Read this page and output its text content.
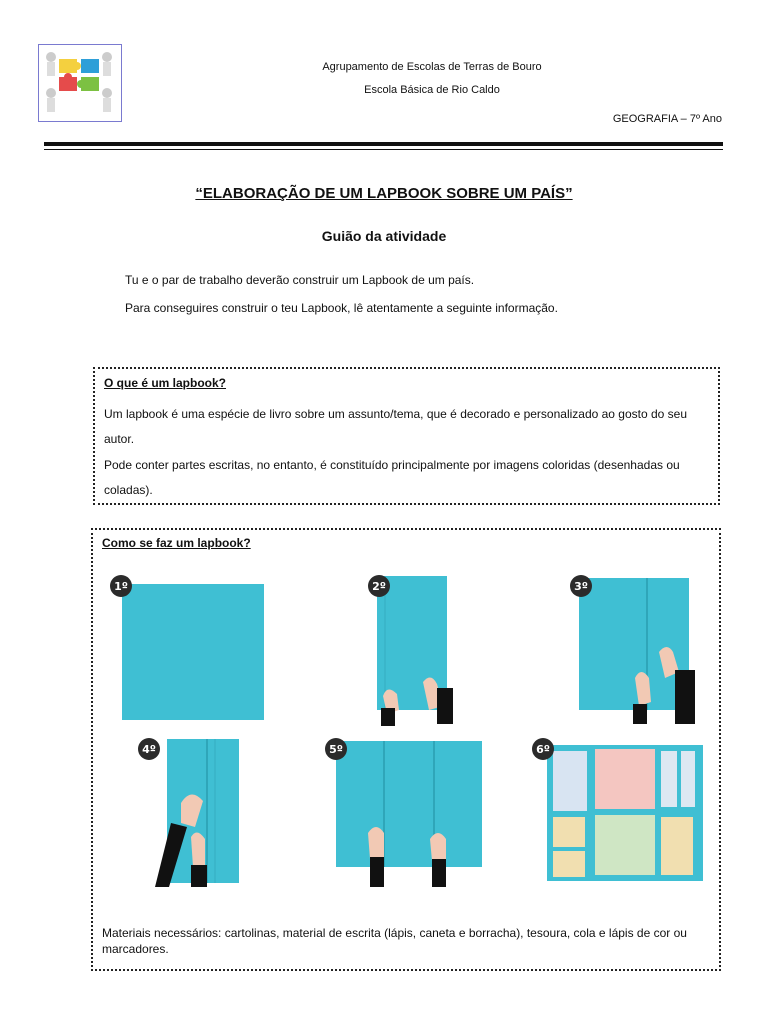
Agrupamento de Escolas de Terras de Bouro
Escola Básica de Rio Caldo
GEOGRAFIA – 7º Ano
“ELABORAÇÃO DE UM LAPBOOK SOBRE UM PAÍS”
Guião da atividade
Tu e o par de trabalho deverão construir um Lapbook de um país.
Para conseguires construir o teu Lapbook, lê atentamente a seguinte informação.
O que é um lapbook?
Um lapbook é uma espécie de livro sobre um assunto/tema, que é decorado e personalizado ao gosto do seu autor.
Pode conter partes escritas, no entanto, é constituído principalmente por imagens coloridas (desenhadas ou coladas).
Como se faz um lapbook?
1º	2º	3º
4º	5º	6º
Materiais necessários: cartolinas, material de escrita (lápis, caneta e borracha), tesoura, cola e lápis de cor ou marcadores.
